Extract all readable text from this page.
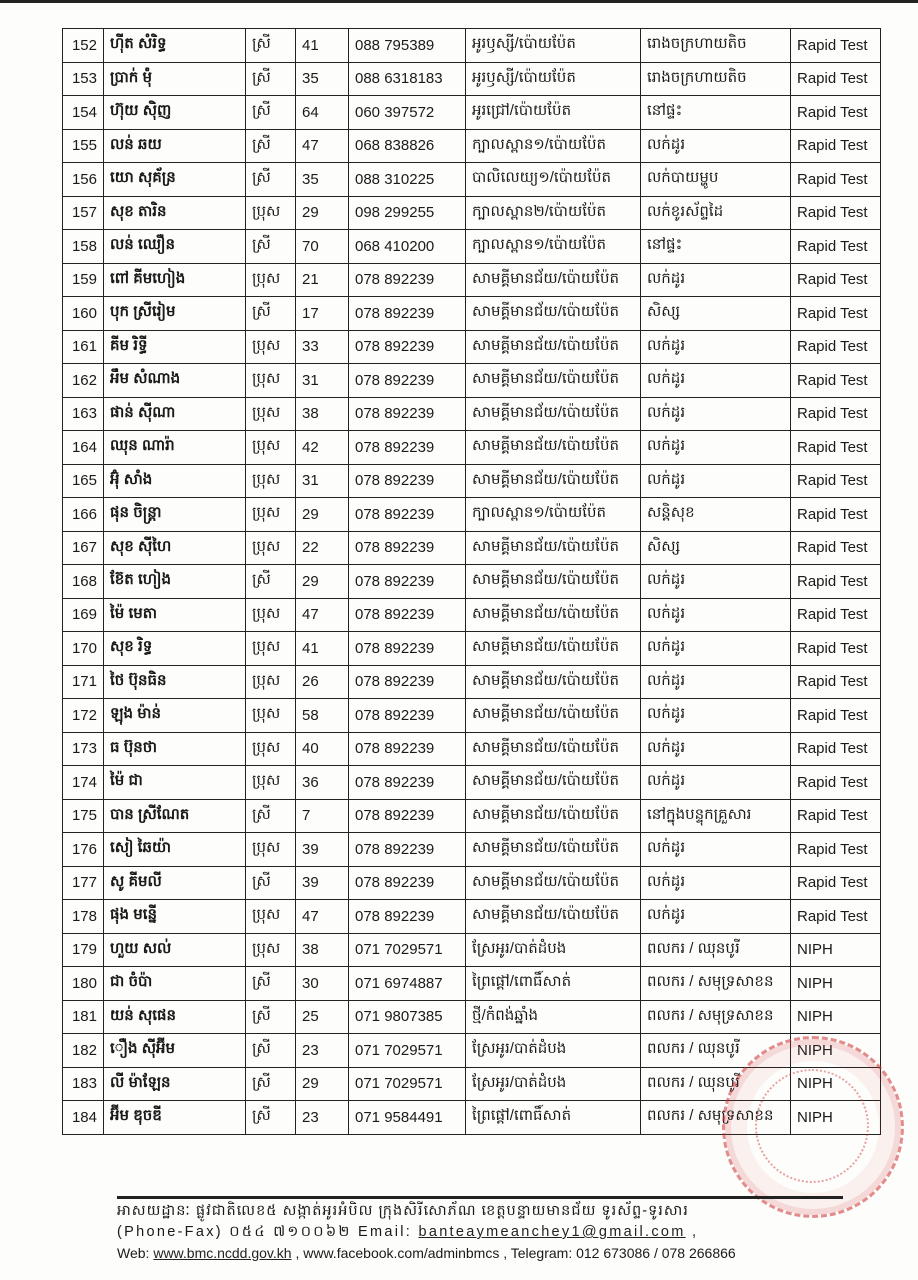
152	ហ៊ីត សំរិទ្ធ	ស្រី	41	088 795389	អូរឫស្សី/ប៉ោយប៉ែត	រោងចក្រហាយតិច	Rapid Test
153	ប្រាក់ ម៉ុំ	ស្រី	35	088 6318183	អូរឫស្សី/ប៉ោយប៉ែត	រោងចក្រហាយតិច	Rapid Test
154	ហ៊ុយ ស៊ិញ	ស្រី	64	060 397572	អូរជ្រៅ/ប៉ោយប៉ែត	នៅផ្ទះ	Rapid Test
155	លន់ ឆយ	ស្រី	47	068 838826	ក្បាលស្ពាន១/ប៉ោយប៉ែត	លក់ដូរ	Rapid Test
156	យោ សុគ័ន្រ	ស្រី	35	088 310225	បាលិលេយ្យ១/ប៉ោយប៉ែត	លក់បាយម្ហូប	Rapid Test
157	សុខ តារិន	ប្រុស	29	098 299255	ក្បាលស្ពាន២/ប៉ោយប៉ែត	លក់ខូរស័ព្ទដៃ	Rapid Test
158	លន់ ឈឿន	ស្រី	70	068 410200	ក្បាលស្ពាន១/ប៉ោយប៉ែត	នៅផ្ទះ	Rapid Test
159	ពៅ គីមហៀង	ប្រុស	21	078 892239	សាមគ្គីមានជ័យ/ប៉ោយប៉ែត	លក់ដូរ	Rapid Test
160	បុក ស្រីរៀម	ស្រី	17	078 892239	សាមគ្គីមានជ័យ/ប៉ោយប៉ែត	សិស្ស	Rapid Test
161	គីម រិទ្ធី	ប្រុស	33	078 892239	សាមគ្គីមានជ័យ/ប៉ោយប៉ែត	លក់ដូរ	Rapid Test
162	អឹម សំណាង	ប្រុស	31	078 892239	សាមគ្គីមានជ័យ/ប៉ោយប៉ែត	លក់ដូរ	Rapid Test
163	ផាន់ ស៊ីណា	ប្រុស	38	078 892239	សាមគ្គីមានជ័យ/ប៉ោយប៉ែត	លក់ដូរ	Rapid Test
164	ឈុន ណារ៉ា	ប្រុស	42	078 892239	សាមគ្គីមានជ័យ/ប៉ោយប៉ែត	លក់ដូរ	Rapid Test
165	អ៊ុំ សាំង	ប្រុស	31	078 892239	សាមគ្គីមានជ័យ/ប៉ោយប៉ែត	លក់ដូរ	Rapid Test
166	ផុន ចិន្ដ្រា	ប្រុស	29	078 892239	ក្បាលស្ពាន១/ប៉ោយប៉ែត	សន្តិសុខ	Rapid Test
167	សុខ ស៊ីហៃ	ប្រុស	22	078 892239	សាមគ្គីមានជ័យ/ប៉ោយប៉ែត	សិស្ស	Rapid Test
168	ខ៊ែត ហៀង	ស្រី	29	078 892239	សាមគ្គីមានជ័យ/ប៉ោយប៉ែត	លក់ដូរ	Rapid Test
169	ម៉ៃ មេតា	ប្រុស	47	078 892239	សាមគ្គីមានជ័យ/ប៉ោយប៉ែត	លក់ដូរ	Rapid Test
170	សុខ រិទ្ធ	ប្រុស	41	078 892239	សាមគ្គីមានជ័យ/ប៉ោយប៉ែត	លក់ដូរ	Rapid Test
171	ថៃ ប៊ុនធិន	ប្រុស	26	078 892239	សាមគ្គីមានជ័យ/ប៉ោយប៉ែត	លក់ដូរ	Rapid Test
172	ឡុង ម៉ាន់	ប្រុស	58	078 892239	សាមគ្គីមានជ័យ/ប៉ោយប៉ែត	លក់ដូរ	Rapid Test
173	ធ ប៊ុនថា	ប្រុស	40	078 892239	សាមគ្គីមានជ័យ/ប៉ោយប៉ែត	លក់ដូរ	Rapid Test
174	ម៉ៃ ជា	ប្រុស	36	078 892239	សាមគ្គីមានជ័យ/ប៉ោយប៉ែត	លក់ដូរ	Rapid Test
175	បាន ស្រីណែត	ស្រី	7	078 892239	សាមគ្គីមានជ័យ/ប៉ោយប៉ែត	នៅក្នុងបន្ទុកគ្រួសារ	Rapid Test
176	សៀ ឆៃយ៉ា	ប្រុស	39	078 892239	សាមគ្គីមានជ័យ/ប៉ោយប៉ែត	លក់ដូរ	Rapid Test
177	សូ គីមលី	ស្រី	39	078 892239	សាមគ្គីមានជ័យ/ប៉ោយប៉ែត	លក់ដូរ	Rapid Test
178	ផុង មន្នើ	ប្រុស	47	078 892239	សាមគ្គីមានជ័យ/ប៉ោយប៉ែត	លក់ដូរ	Rapid Test
179	ហួយ សល់	ប្រុស	38	071 7029571	ស្រែអូរ/បាត់ដំបង	ពលករ / ឈុនបូរី	NIPH
180	ជា ចំប៉ា	ស្រី	30	071 6974887	ព្រៃផ្ដៅ/ពោធិ៍សាត់	ពលករ / សមុទ្រសាខន	NIPH
181	យន់ សុផេន	ស្រី	25	071 9807385	ថ្មី/កំពង់ឆ្នាំង	ពលករ / សមុទ្រសាខន	NIPH
182	ឿង ស៊ីអ៊ីម	ស្រី	23	071 7029571	ស្រែអូរ/បាត់ដំបង	ពលករ / ឈុនបូរី	NIPH
183	លី ម៉ាឡែន	ស្រី	29	071 7029571	ស្រែអូរ/បាត់ដំបង	ពលករ / ឈុនបូរី	NIPH
184	អ៊ីម ឌុចឌី	ស្រី	23	071 9584491	ព្រៃផ្ដៅ/ពោធិ៍សាត់	ពលករ / សមុទ្រសាខន	NIPH
អាសយដ្ឋានៈ ផ្លូវជាតិលេខ៥ សង្កាត់អូរអំបិល ក្រុងសិរីសោភ័ណ ខេត្តបន្ទាយមានជ័យ ទូរស័ព្ទ-ទូរសារ
(Phone-Fax) ០៥៤ ៧១០០៦២ Email: banteaymeanchey1@gmail.com ,
Web: www.bmc.ncdd.gov.kh , www.facebook.com/adminbmcs , Telegram: 012 673086 / 078 266866
